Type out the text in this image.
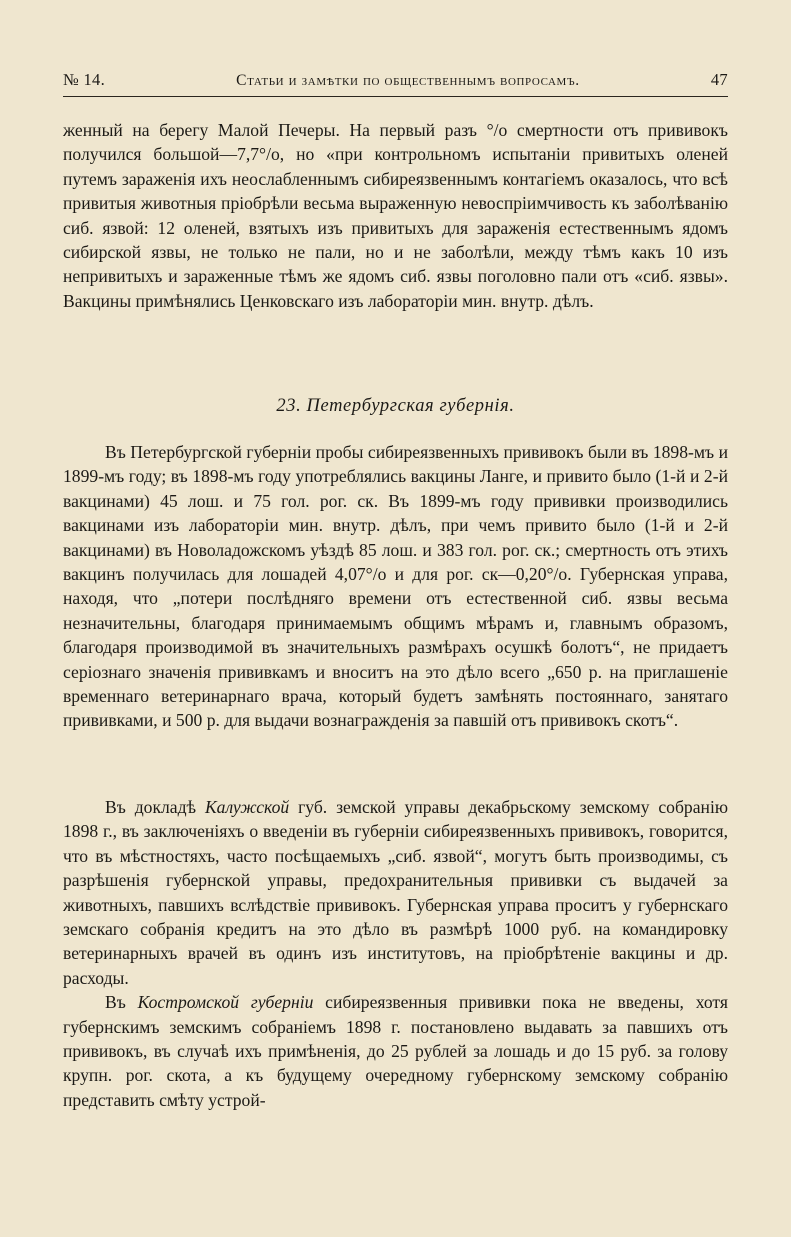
№ 14.	Статьи и замѣтки по общественнымъ вопросамъ.	47

женный на берегу Малой Печеры. На первый разъ °/о смертности отъ прививокъ получился большой—7,7°/о, но «при контрольномъ испытаніи привитыхъ оленей путемъ зараженія ихъ неослабленнымъ сибиреязвеннымъ контагіемъ оказалось, что всѣ привитыя животныя пріобрѣли весьма выраженную невоспріимчивость къ заболѣванію сиб. язвой: 12 оленей, взятыхъ изъ привитыхъ для зараженія естественнымъ ядомъ сибирской язвы, не только не пали, но и не заболѣли, между тѣмъ какъ 10 изъ непривитыхъ и зараженные тѣмъ же ядомъ сиб. язвы поголовно пали отъ «сиб. язвы». Вакцины примѣнялись Ценковскаго изъ лабораторіи мин. внутр. дѣлъ.

23. Петербургская губернія.

Въ Петербургской губерніи пробы сибиреязвенныхъ прививокъ были въ 1898-мъ и 1899-мъ году; въ 1898-мъ году употреблялись вакцины Ланге, и привито было (1-й и 2-й вакцинами) 45 лош. и 75 гол. рог. ск. Въ 1899-мъ году прививки производились вакцинами изъ лабораторіи мин. внутр. дѣлъ, при чемъ привито было (1-й и 2-й вакцинами) въ Новоладожскомъ уѣздѣ 85 лош. и 383 гол. рог. ск.; смертность отъ этихъ вакцинъ получилась для лошадей 4,07°/о и для рог. ск—0,20°/о. Губернская управа, находя, что „потери послѣдняго времени отъ естественной сиб. язвы весьма незначительны, благодаря принимаемымъ общимъ мѣрамъ и, главнымъ образомъ, благодаря производимой въ значительныхъ размѣрахъ осушкѣ болотъ“, не придаетъ серіознаго значенія прививкамъ и вноситъ на это дѣло всего „650 р. на приглашеніе временнаго ветеринарнаго врача, который будетъ замѣнять постояннаго, занятаго прививками, и 500 р. для выдачи вознагражденія за павшій отъ прививокъ скотъ“.

Въ докладѣ Калужской губ. земской управы декабрьскому земскому собранію 1898 г., въ заключеніяхъ о введеніи въ губерніи сибиреязвенныхъ прививокъ, говорится, что въ мѣстностяхъ, часто посѣщаемыхъ „сиб. язвой“, могутъ быть производимы, съ разрѣшенія губернской управы, предохранительныя прививки съ выдачей за животныхъ, павшихъ вслѣдствіе прививокъ. Губернская управа проситъ у губернскаго земскаго собранія кредитъ на это дѣло въ размѣрѣ 1000 руб. на командировку ветеринарныхъ врачей въ одинъ изъ институтовъ, на пріобрѣтеніе вакцины и др. расходы.

Въ Костромской губерніи сибиреязвенныя прививки пока не введены, хотя губернскимъ земскимъ собраніемъ 1898 г. постановлено выдавать за павшихъ отъ прививокъ, въ случаѣ ихъ примѣненія, до 25 рублей за лошадь и до 15 руб. за голову крупн. рог. скота, а къ будущему очередному губернскому земскому собранію представить смѣту устрой-
